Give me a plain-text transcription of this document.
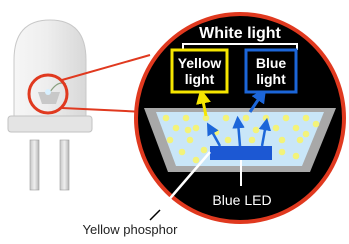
Yellow
light
Blue
light
White light
Blue LED
Yellow phosphor
